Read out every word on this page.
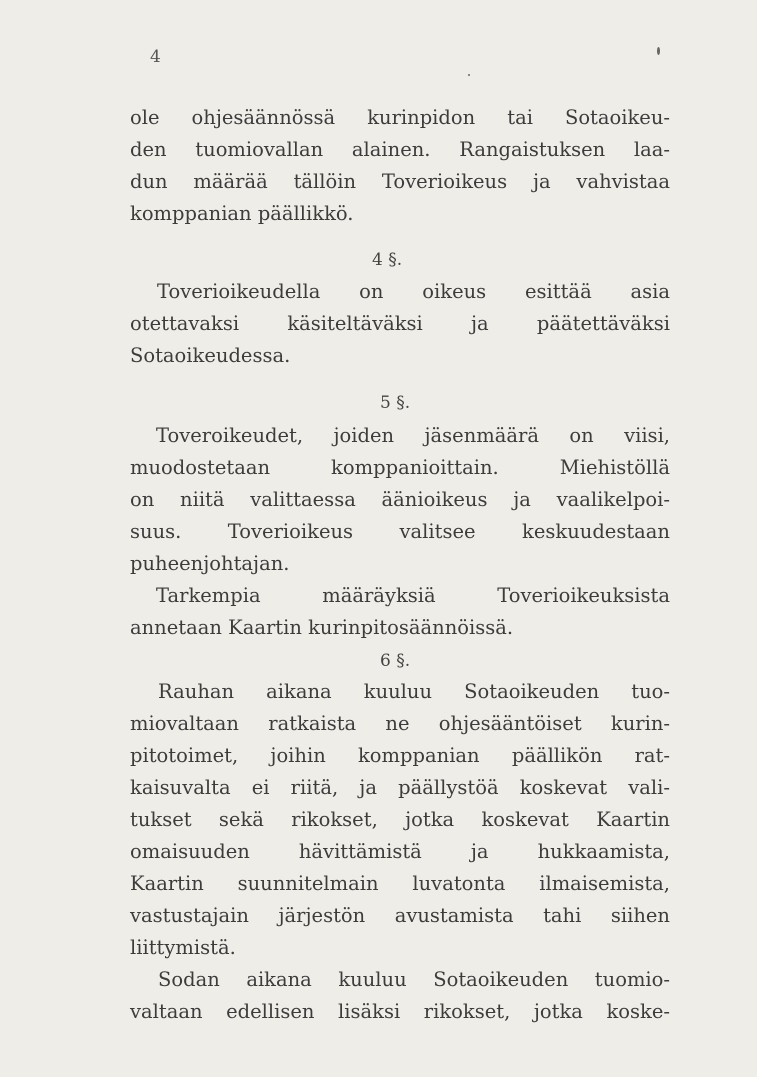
4
ole ohjesäännössä kurinpidon tai Sotaoikeu-
den tuomiovallan alainen. Rangaistuksen laa-
dun määrää tällöin Toverioikeus ja vahvistaa
komppanian päällikkö.
4 §.
Toverioikeudella on oikeus esittää asia
otettavaksi käsiteltäväksi ja päätettäväksi
Sotaoikeudessa.
5 §.
Toveroikeudet, joiden jäsenmäärä on viisi,
muodostetaan komppanioittain. Miehistöllä
on niitä valittaessa äänioikeus ja vaalikelpoi-
suus. Toverioikeus valitsee keskuudestaan
puheenjohtajan.
Tarkempia määräyksiä Toverioikeuksista
annetaan Kaartin kurinpitosäännöissä.
6 §.
Rauhan aikana kuuluu Sotaoikeuden tuo-
miovaltaan ratkaista ne ohjesääntöiset kurin-
pitotoimet, joihin komppanian päällikön rat-
kaisuvalta ei riitä, ja päällystöä koskevat vali-
tukset sekä rikokset, jotka koskevat Kaartin
omaisuuden hävittämistä ja hukkaamista,
Kaartin suunnitelmain luvatonta ilmaisemista,
vastustajain järjestön avustamista tahi siihen
liittymistä.
Sodan aikana kuuluu Sotaoikeuden tuomio-
valtaan edellisen lisäksi rikokset, jotka koske-
